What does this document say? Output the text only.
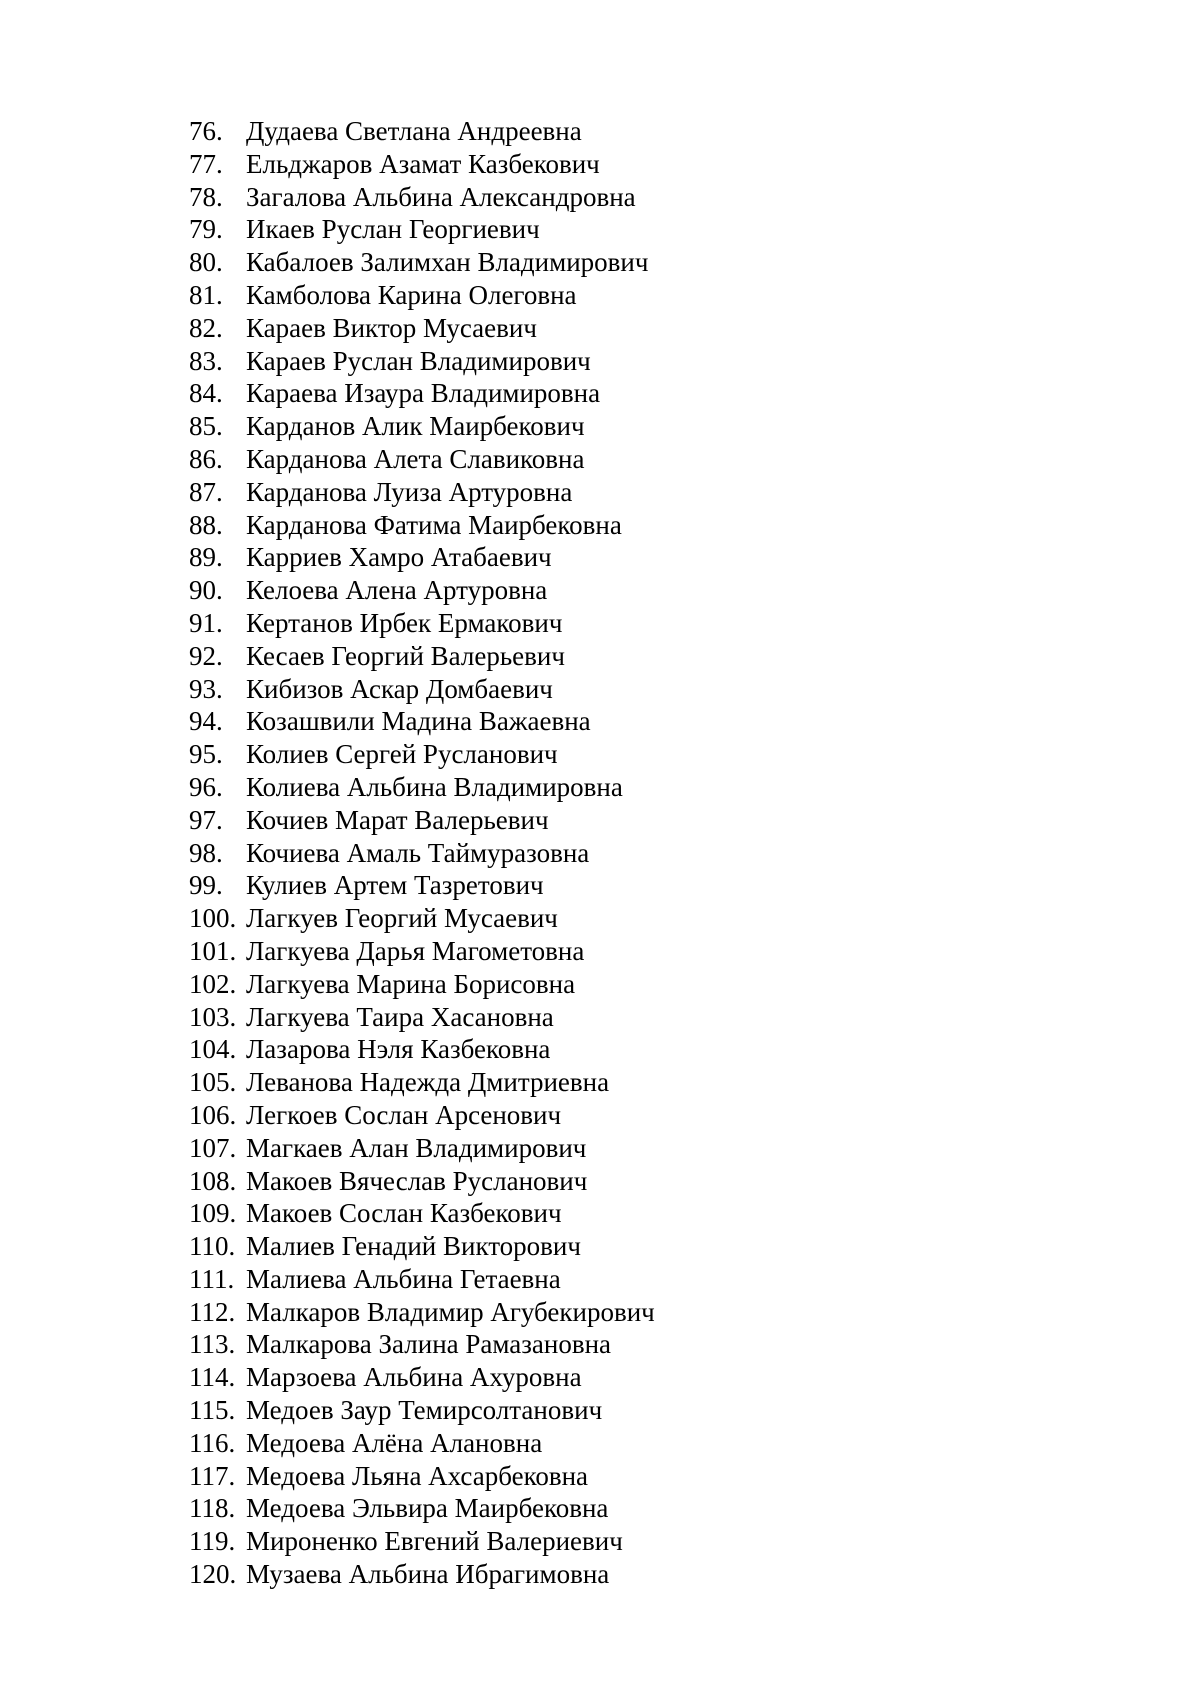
76. Дудаева Светлана Андреевна
77. Ельджаров Азамат Казбекович
78. Загалова Альбина Александровна
79. Икаев Руслан Георгиевич
80. Кабалоев Залимхан Владимирович
81. Камболова Карина Олеговна
82. Караев Виктор Мусаевич
83. Караев Руслан Владимирович
84. Караева Изаура Владимировна
85. Карданов Алик Маирбекович
86. Карданова Алета Славиковна
87. Карданова Луиза Артуровна
88. Карданова Фатима Маирбековна
89. Карриев Хамро Атабаевич
90. Келоева Алена Артуровна
91. Кертанов Ирбек Ермакович
92. Кесаев Георгий Валерьевич
93. Кибизов Аскар Домбаевич
94. Козашвили Мадина Важаевна
95. Колиев Сергей Русланович
96. Колиева Альбина Владимировна
97. Кочиев Марат Валерьевич
98. Кочиева Амаль Таймуразовна
99. Кулиев Артем Тазретович
100. Лагкуев Георгий Мусаевич
101. Лагкуева Дарья Магометовна
102. Лагкуева Марина Борисовна
103. Лагкуева Таира Хасановна
104. Лазарова Нэля Казбековна
105. Леванова Надежда Дмитриевна
106. Легкоев Сослан Арсенович
107. Магкаев Алан Владимирович
108. Макоев Вячеслав Русланович
109. Макоев Сослан Казбекович
110. Малиев Генадий Викторович
111. Малиева Альбина Гетаевна
112. Малкаров Владимир Агубекирович
113. Малкарова Залина Рамазановна
114. Марзоева Альбина Ахуровна
115. Медоев Заур Темирсолтанович
116. Медоева Алёна Алановна
117. Медоева Льяна Ахсарбековна
118. Медоева Эльвира Маирбековна
119. Мироненко Евгений Валериевич
120. Музаева Альбина Ибрагимовна
